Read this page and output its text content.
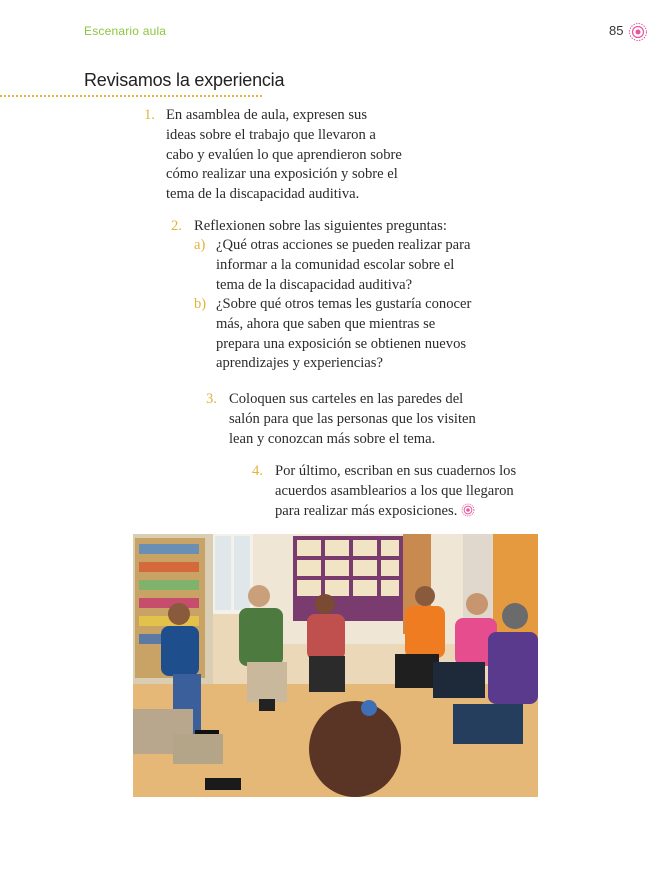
Escenario aula	85
Revisamos la experiencia
1. En asamblea de aula, expresen sus
ideas sobre el trabajo que llevaron a
cabo y evalúen lo que aprendieron sobre
cómo realizar una exposición y sobre el
tema de la discapacidad auditiva.
2. Reflexionen sobre las siguientes preguntas:
a) ¿Qué otras acciones se pueden realizar para
informar a la comunidad escolar sobre el
tema de la discapacidad auditiva?
b) ¿Sobre qué otros temas les gustaría conocer
más, ahora que saben que mientras se
prepara una exposición se obtienen nuevos
aprendizajes y experiencias?
3. Coloquen sus carteles en las paredes del
salón para que las personas que los visiten
lean y conozcan más sobre el tema.
4. Por último, escriban en sus cuadernos los
acuerdos asamblearios a los que llegaron
para realizar más exposiciones.
